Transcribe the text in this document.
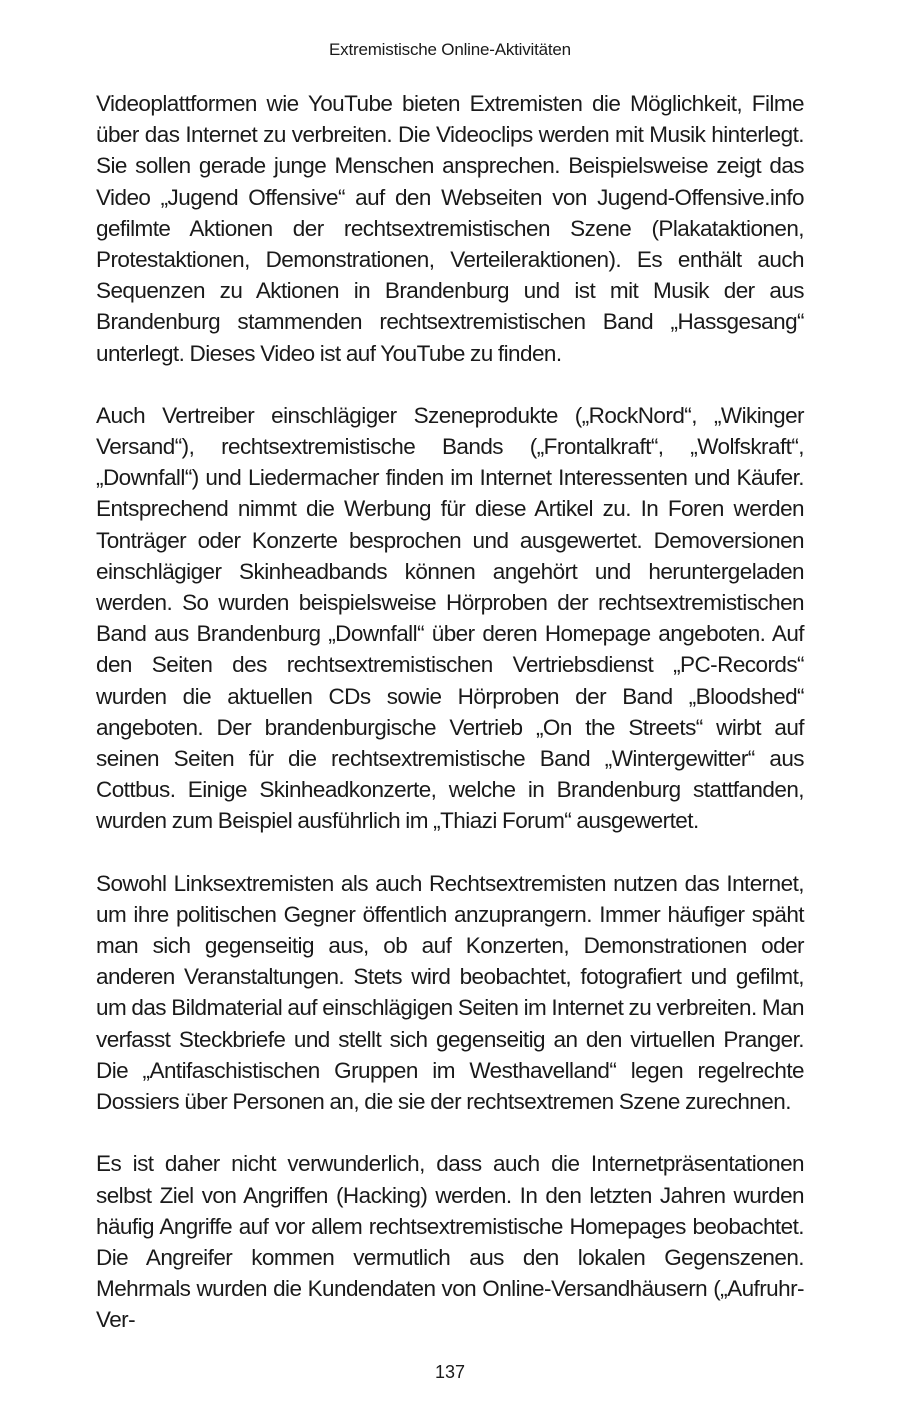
Extremistische Online-Aktivitäten

Videoplattformen wie YouTube bieten Extremisten die Möglichkeit, Filme über das Internet zu verbreiten. Die Videoclips werden mit Musik hinterlegt. Sie sollen gerade junge Menschen ansprechen. Beispielsweise zeigt das Video „Jugend Offensive“ auf den Webseiten von Jugend-Offensive.info gefilmte Aktionen der rechtsextremistischen Szene (Plakataktionen, Protestaktionen, Demonstrationen, Verteileraktionen). Es enthält auch Sequenzen zu Aktionen in Brandenburg und ist mit Musik der aus Brandenburg stammenden rechtsextremistischen Band „Hassgesang“ unterlegt. Dieses Video ist auf YouTube zu finden.

Auch Vertreiber einschlägiger Szeneprodukte („RockNord“, „Wikinger Versand“), rechtsextremistische Bands („Frontalkraft“, „Wolfskraft“, „Downfall“) und Liedermacher finden im Internet Interessenten und Käufer. Entsprechend nimmt die Werbung für diese Artikel zu. In Foren werden Tonträger oder Konzerte besprochen und ausgewertet. Demoversionen einschlägiger Skinheadbands können angehört und heruntergeladen werden. So wurden beispielsweise Hörproben der rechtsextremistischen Band aus Brandenburg „Downfall“ über deren Homepage angeboten. Auf den Seiten des rechtsextremistischen Vertriebsdienst „PC-Records“ wurden die aktuellen CDs sowie Hörproben der Band „Bloodshed“ angeboten. Der brandenburgische Vertrieb „On the Streets“ wirbt auf seinen Seiten für die rechtsextremistische Band „Wintergewitter“ aus Cottbus. Einige Skinheadkonzerte, welche in Brandenburg stattfanden, wurden zum Beispiel ausführlich im „Thiazi Forum“ ausgewertet.

Sowohl Linksextremisten als auch Rechtsextremisten nutzen das Internet, um ihre politischen Gegner öffentlich anzuprangern. Immer häufiger späht man sich gegenseitig aus, ob auf Konzerten, Demonstrationen oder anderen Veranstaltungen. Stets wird beobachtet, fotografiert und gefilmt, um das Bildmaterial auf einschlägigen Seiten im Internet zu verbreiten. Man verfasst Steckbriefe und stellt sich gegenseitig an den virtuellen Pranger. Die „Antifaschistischen Gruppen im Westhavelland“ legen regelrechte Dossiers über Personen an, die sie der rechtsextremen Szene zurechnen.

Es ist daher nicht verwunderlich, dass auch die Internetpräsentationen selbst Ziel von Angriffen (Hacking) werden. In den letzten Jahren wurden häufig Angriffe auf vor allem rechtsextremistische Homepages beobachtet. Die Angreifer kommen vermutlich aus den lokalen Gegenszenen. Mehrmals wurden die Kundendaten von Online-Versandhäusern („Aufruhr-Ver-

137
